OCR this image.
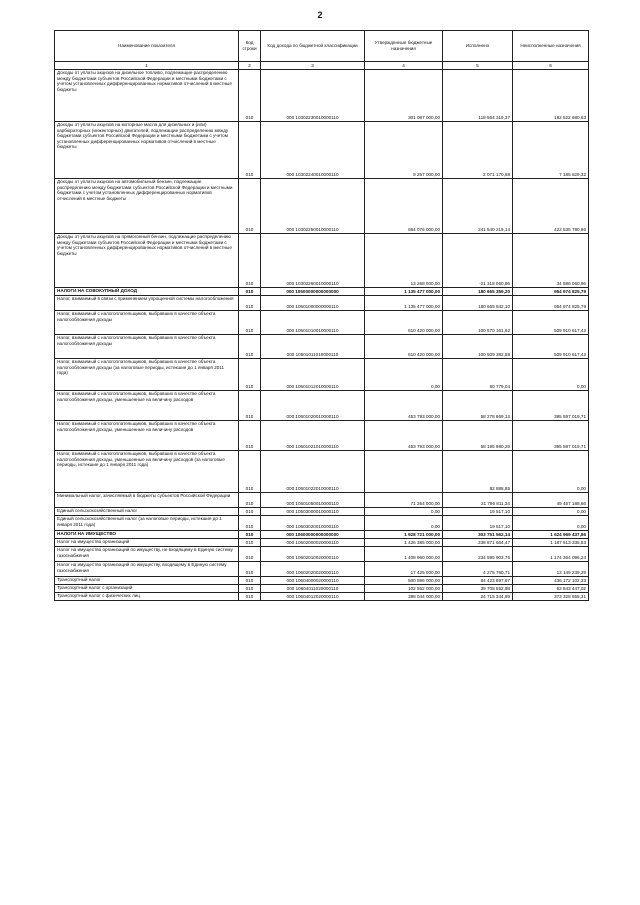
2
Наименование показателя	Код строки	Код дохода по бюджетной классификации	Утвержденные бюджетные назначения	Исполнено	Неисполненные назначения
1	2	3	4	5	6
Доходы от уплаты акцизов на дизельное топливо, подлежащие распределению между бюджетами субъектов Российской Федерации и местными бюджетами с учетом установленных дифференцированных нормативов отчислений в местные бюджеты	010	000 10302230010000110	301 087 000,00	118 564 319,37	182 522 680,63
Доходы от уплаты акцизов на моторные масла для дизельных и (или) карбюраторных (инжекторных) двигателей, подлежащие распределению между бюджетами субъектов Российской Федерации и местными бюджетами с учетом установленных дифференцированных нормативов отчислений в местные бюджеты	010	000 10302240010000110	9 257 000,00	2 071 170,68	7 185 829,32
Доходы от уплаты акцизов на автомобильный бензин, подлежащие распределению между бюджетами субъектов Российской Федерации и местными бюджетами с учетом установленных дифференцированных нормативов отчислений в местные бюджеты	010	000 10302250010000110	664 076 000,00	241 540 219,14	422 535 780,86
Доходы от уплаты акцизов на прямогонный бензин, подлежащие распределению между бюджетами субъектов Российской Федерации и местными бюджетами с учетом установленных дифференцированных нормативов отчислений в местные бюджеты	010	000 10302260010000110	13 268 000,00	-21 318 060,96	34 586 060,96
НАЛОГИ НА СОВОКУПНЫЙ ДОХОД	010	000 10500000000000000	1 135 477 000,00	180 665 359,20	954 974 825,79
Налог, взимаемый в связи с применением упрощенной системы налогообложения	010	000 10501000000000110	1 135 477 000,00	180 665 842,10	954 974 825,79
Налог, взимаемый с налогоплательщиков, выбравших в качестве объекта налогообложения доходы	010	000 10501010010000110	610 420 000,00	100 570 161,62	509 910 617,42
Налог, взимаемый с налогоплательщиков, выбравших в качестве объекта налогообложения доходы	010	000 10501011010000110	610 420 000,00	100 509 382,58	509 910 617,42
Налог, взимаемый с налогоплательщиков, выбравших в качестве объекта налогообложения доходы (за налоговые периоды, истекшие до 1 января 2011 года)	010	000 10501012010000110	0,00	60 779,04	0,00
Налог, взимаемый с налогоплательщиков, выбравших в качестве объекта налогообложения доходы, уменьшенные на величину расходов	010	000 10501020010000110	453 793 000,00	58 278 869,14	395 597 019,71
Налог, взимаемый с налогоплательщиков, выбравших в качестве объекта налогообложения доходы, уменьшенные на величину расходов	010	000 10501021010000110	453 793 000,00	58 195 980,29	395 597 019,71
Налог, взимаемый с налогоплательщиков, выбравших в качестве объекта налогообложения доходы, уменьшенные на величину расходов (за налоговые периоды, истекшие до 1 января 2011 года)	010	000 10501022010000110		82 888,85	0,00
Минимальный налог, зачисляемый в бюджеты субъектов Российской Федерации	010	000 10501050010000110	71 264 000,00	21 796 811,34	49 467 188,66
Единый сельскохозяйственный налог	010	000 10503000010000110	0,00	19 517,10	0,00
Единый сельскохозяйственный налог (за налоговые периоды, истекшие до 1 января 2011 года)	010	000 10503020010000110	0,00	19 517,10	0,00
НАЛОГИ НА ИМУЩЕСТВО	010	000 10600000000000000	1 928 721 000,00	303 751 562,14	1 624 969 437,86
Налог на имущество организаций	010	000 10602000020000110	1 426 385 000,00	238 871 664,47	1 187 513 335,53
Налог на имущество организаций по имуществу, не входящему в Единую систему газоснабжения	010	000 10602010020000110	1 408 960 000,00	234 595 903,76	1 174 364 096,24
Налог на имущество организаций по имуществу, входящему в Единую систему газоснабжения	010	000 10602020020000110	17 425 000,00	4 275 760,71	13 149 239,29
Транспортный налог	010	000 10604000020000110	500 596 000,00	64 423 897,67	436 172 102,33
Транспортный налог с организаций	010	000 10604011020000110	102 552 000,00	39 708 552,98	62 843 447,02
Транспортный налог с физических лиц	010	000 10604012020000110	398 044 000,00	24 715 344,69	373 328 655,31
